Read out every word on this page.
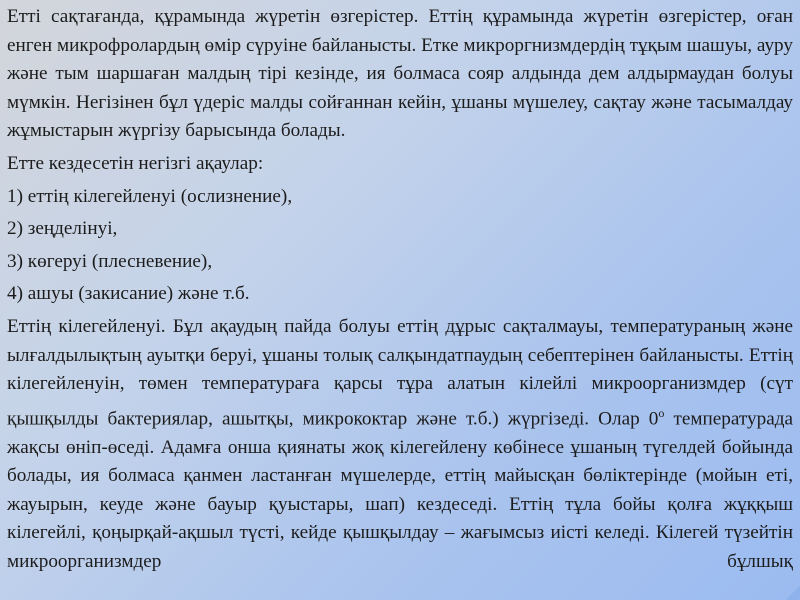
Етті сақтағанда, құрамында жүретін өзгерістер. Еттің құрамында жүретін өзгерістер, оған енген микрофролардың өмір сүруіне байланысты. Етке микроргнизмдердің тұқым шашуы, ауру және тым шаршаған малдың тірі кезінде, ия болмаса сояр алдында дем алдырмаудан болуы мүмкін. Негізінен бұл үдеріс малды сойғаннан кейін, ұшаны мүшелеу, сақтау және тасымалдау жұмыстарын жүргізу барысында болады.

Етте кездесетін негізгі ақаулар:

1) еттің кілегейленуі (ослизнение),

2) зеңделінуі,

3) көгеруі (плесневение),

4) ашуы (закисание) және т.б.

Еттің кілегейленуі. Бұл ақаудың пайда болуы еттің дұрыс сақталмауы, температураның және ылғалдылықтың ауытқи беруі, ұшаны толық салқындатпаудың себептерінен байланысты. Еттің кілегейленуін, төмен температураға қарсы тұра алатын кілейлі микроорганизмдер (сүт қышқылды бактериялар, ашытқы, микрококтар және т.б.) жүргізеді. Олар $0^о$ температурада жақсы өніп-өседі. Адамға онша қиянаты жоқ кілегейлену көбінесе ұшаның түгелдей бойында болады, ия болмаса қанмен ластанған мүшелерде, еттің майысқан бөліктерінде (мойын еті, жауырын, кеуде және бауыр қуыстары, шап) кездеседі. Еттің тұла бойы қолға жұққыш кілегейлі, қоңырқай-ақшыл түсті, кейде қышқылдау – жағымсыз иісті келеді. Кілегей түзейтін микроорганизмдер бұлшық
